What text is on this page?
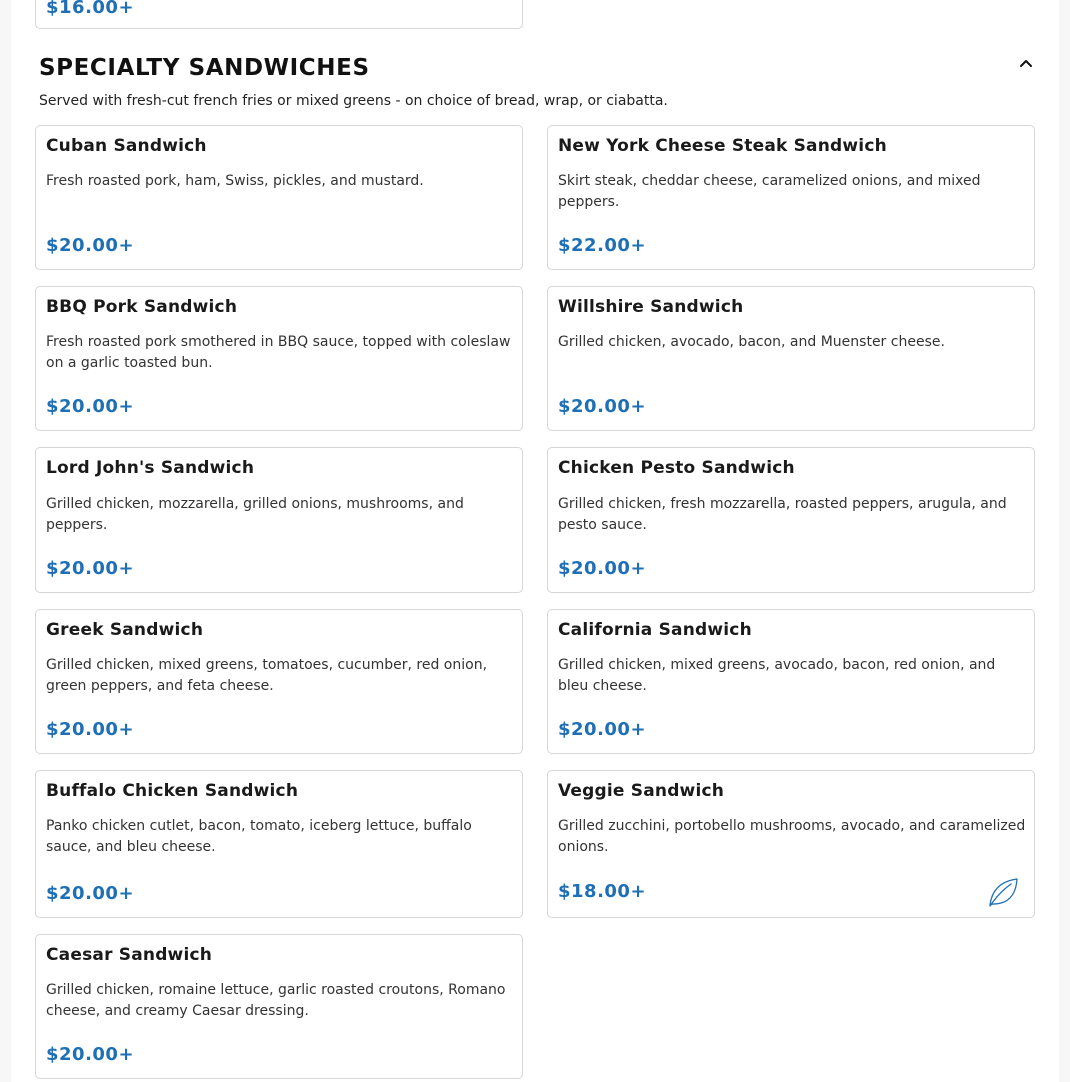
$16.00+
SPECIALTY SANDWICHES
Served with fresh-cut french fries or mixed greens - on choice of bread, wrap, or ciabatta.
Cuban Sandwich
Fresh roasted pork, ham, Swiss, pickles, and mustard.
$20.00+
New York Cheese Steak Sandwich
Skirt steak, cheddar cheese, caramelized onions, and mixed peppers.
$22.00+
BBQ Pork Sandwich
Fresh roasted pork smothered in BBQ sauce, topped with coleslaw on a garlic toasted bun.
$20.00+
Willshire Sandwich
Grilled chicken, avocado, bacon, and Muenster cheese.
$20.00+
Lord John's Sandwich
Grilled chicken, mozzarella, grilled onions, mushrooms, and peppers.
$20.00+
Chicken Pesto Sandwich
Grilled chicken, fresh mozzarella, roasted peppers, arugula, and pesto sauce.
$20.00+
Greek Sandwich
Grilled chicken, mixed greens, tomatoes, cucumber, red onion, green peppers, and feta cheese.
$20.00+
California Sandwich
Grilled chicken, mixed greens, avocado, bacon, red onion, and bleu cheese.
$20.00+
Buffalo Chicken Sandwich
Panko chicken cutlet, bacon, tomato, iceberg lettuce, buffalo sauce, and bleu cheese.
$20.00+
Veggie Sandwich
Grilled zucchini, portobello mushrooms, avocado, and caramelized onions.
$18.00+
Caesar Sandwich
Grilled chicken, romaine lettuce, garlic roasted croutons, Romano cheese, and creamy Caesar dressing.
$20.00+
